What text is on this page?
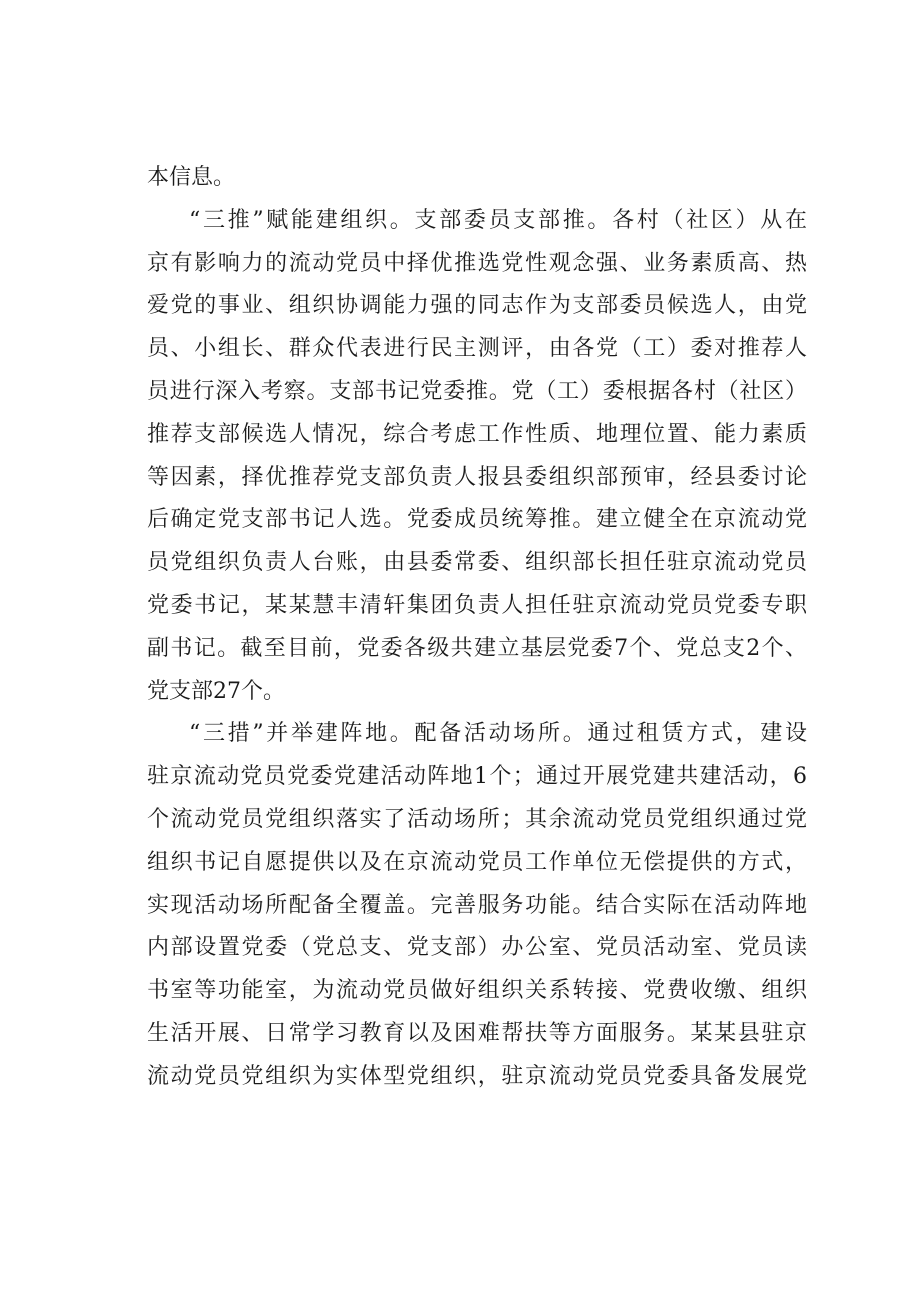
本信息。
“三推”赋能建组织。支部委员支部推。各村（社区）从在
京有影响力的流动党员中择优推选党性观念强、业务素质高、热
爱党的事业、组织协调能力强的同志作为支部委员候选人，由党
员、小组长、群众代表进行民主测评，由各党（工）委对推荐人
员进行深入考察。支部书记党委推。党（工）委根据各村（社区）
推荐支部候选人情况，综合考虑工作性质、地理位置、能力素质
等因素，择优推荐党支部负责人报县委组织部预审，经县委讨论
后确定党支部书记人选。党委成员统筹推。建立健全在京流动党
员党组织负责人台账，由县委常委、组织部长担任驻京流动党员
党委书记，某某慧丰清轩集团负责人担任驻京流动党员党委专职
副书记。截至目前，党委各级共建立基层党委7个、党总支2个、
党支部27个。
“三措”并举建阵地。配备活动场所。通过租赁方式，建设
驻京流动党员党委党建活动阵地1个；通过开展党建共建活动，6
个流动党员党组织落实了活动场所；其余流动党员党组织通过党
组织书记自愿提供以及在京流动党员工作单位无偿提供的方式，
实现活动场所配备全覆盖。完善服务功能。结合实际在活动阵地
内部设置党委（党总支、党支部）办公室、党员活动室、党员读
书室等功能室，为流动党员做好组织关系转接、党费收缴、组织
生活开展、日常学习教育以及困难帮扶等方面服务。某某县驻京
流动党员党组织为实体型党组织，驻京流动党员党委具备发展党
